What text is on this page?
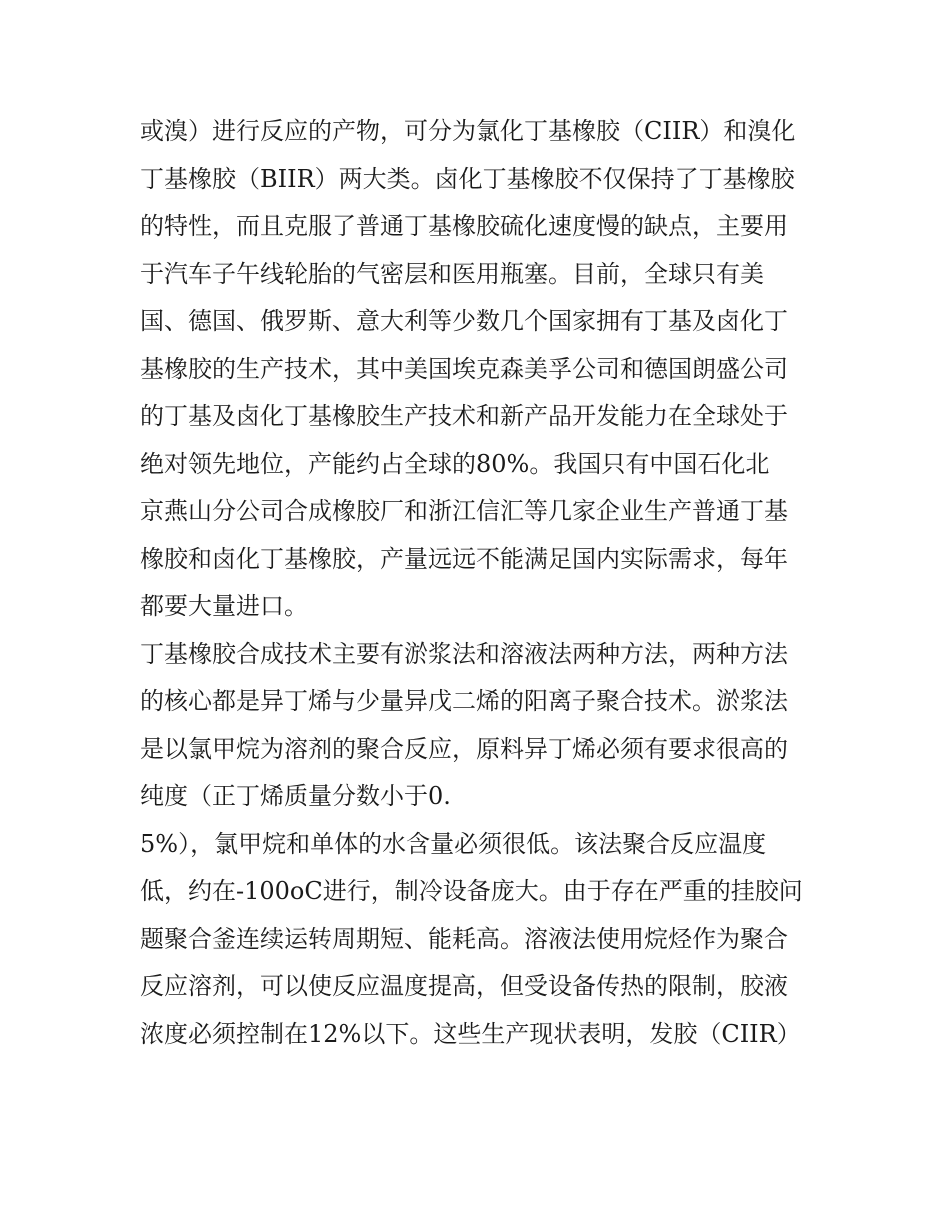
或溴）进行反应的产物，可分为氯化丁基橡胶（CIIR）和溴化
丁基橡胶（BIIR）两大类。卤化丁基橡胶不仅保持了丁基橡胶
的特性，而且克服了普通丁基橡胶硫化速度慢的缺点，主要用
于汽车子午线轮胎的气密层和医用瓶塞。目前，全球只有美
国、德国、俄罗斯、意大利等少数几个国家拥有丁基及卤化丁
基橡胶的生产技术，其中美国埃克森美孚公司和德国朗盛公司
的丁基及卤化丁基橡胶生产技术和新产品开发能力在全球处于
绝对领先地位，产能约占全球的80%。我国只有中国石化北
京燕山分公司合成橡胶厂和浙江信汇等几家企业生产普通丁基
橡胶和卤化丁基橡胶，产量远远不能满足国内实际需求，每年
都要大量进口。
丁基橡胶合成技术主要有淤浆法和溶液法两种方法，两种方法
的核心都是异丁烯与少量异戊二烯的阳离子聚合技术。淤浆法
是以氯甲烷为溶剂的聚合反应，原料异丁烯必须有要求很高的
纯度（正丁烯质量分数小于0.
5%），氯甲烷和单体的水含量必须很低。该法聚合反应温度
低，约在-100oC进行，制冷设备庞大。由于存在严重的挂胶问
题聚合釜连续运转周期短、能耗高。溶液法使用烷烃作为聚合
反应溶剂，可以使反应温度提高，但受设备传热的限制，胶液
浓度必须控制在12%以下。这些生产现状表明，发胶（CIIR）
